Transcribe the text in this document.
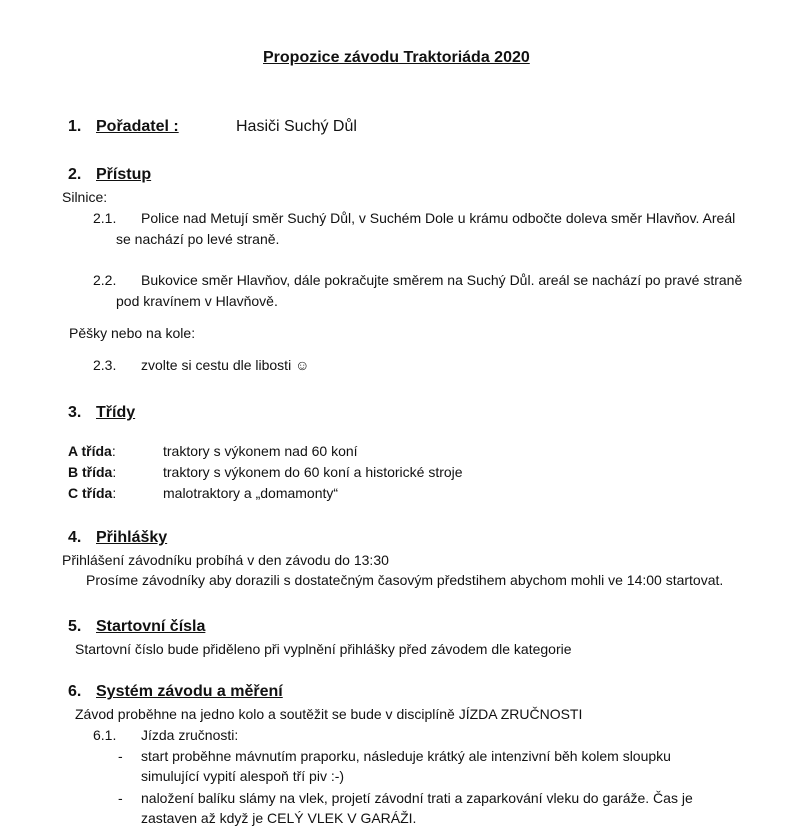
Propozice závodu Traktoriáda 2020
1. Pořadatel :	Hasiči Suchý Důl
2. Přístup
Silnice:
2.1. Police nad Metují směr Suchý Důl, v Suchém Dole u krámu odbočte doleva směr Hlavňov. Areál
se nachází po levé straně.
2.2. Bukovice směr Hlavňov, dále pokračujte směrem na Suchý Důl. areál se nachází po pravé straně
pod kravínem v Hlavňově.
Pěšky nebo na kole:
2.3. zvolte si cestu dle libosti ☺
3. Třídy
A třída:	traktory s výkonem nad 60 koní
B třída:	traktory s výkonem do 60 koní a historické stroje
C třída:	malotraktory a „domamonty“
4. Přihlášky
Přihlášení závodníku probíhá v den závodu do 13:30
Prosíme závodníky aby dorazili s dostatečným časovým předstihem abychom mohli ve 14:00 startovat.
5. Startovní čísla
Startovní číslo bude přiděleno při vyplnění přihlášky před závodem dle kategorie
6. Systém závodu a měření
Závod proběhne na jedno kolo a soutěžit se bude v disciplíně JÍZDA ZRUČNOSTI
6.1. Jízda zručnosti:
- start proběhne mávnutím praporku, následuje krátký ale intenzivní běh kolem sloupku
simulující vypití alespoň tří piv :-)
- naložení balíku slámy na vlek, projetí závodní trati a zaparkování vleku do garáže. Čas je
zastaven až když je CELÝ VLEK V GARÁŽI.
